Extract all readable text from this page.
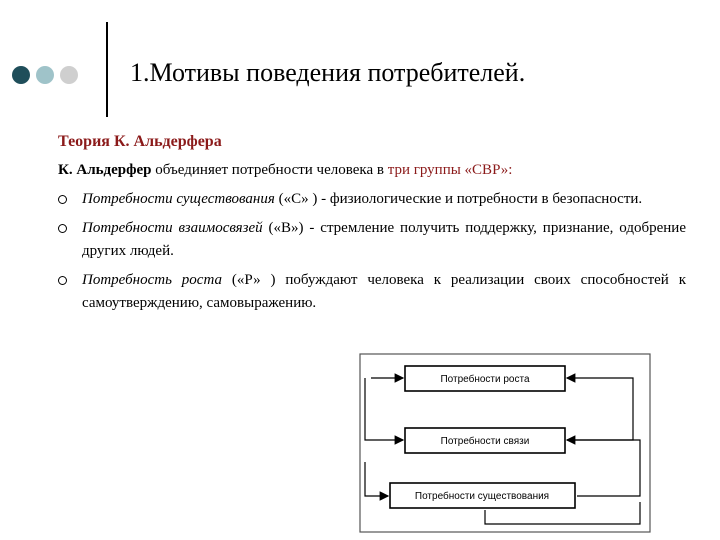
1.Мотивы поведения потребителей.
Теория К. Альдерфера
К. Альдерфер объединяет потребности человека в три группы «СВР»:
Потребности существования («С» ) - физиологические и потребности в безопасности.
Потребности взаимосвязей («В») - стремление получить поддержку, признание, одобрение других людей.
Потребность роста («Р» ) побуждают человека к реализации своих способностей к самоутверждению, самовыражению.
Потребности роста
Потребности связи
Потребности существования
